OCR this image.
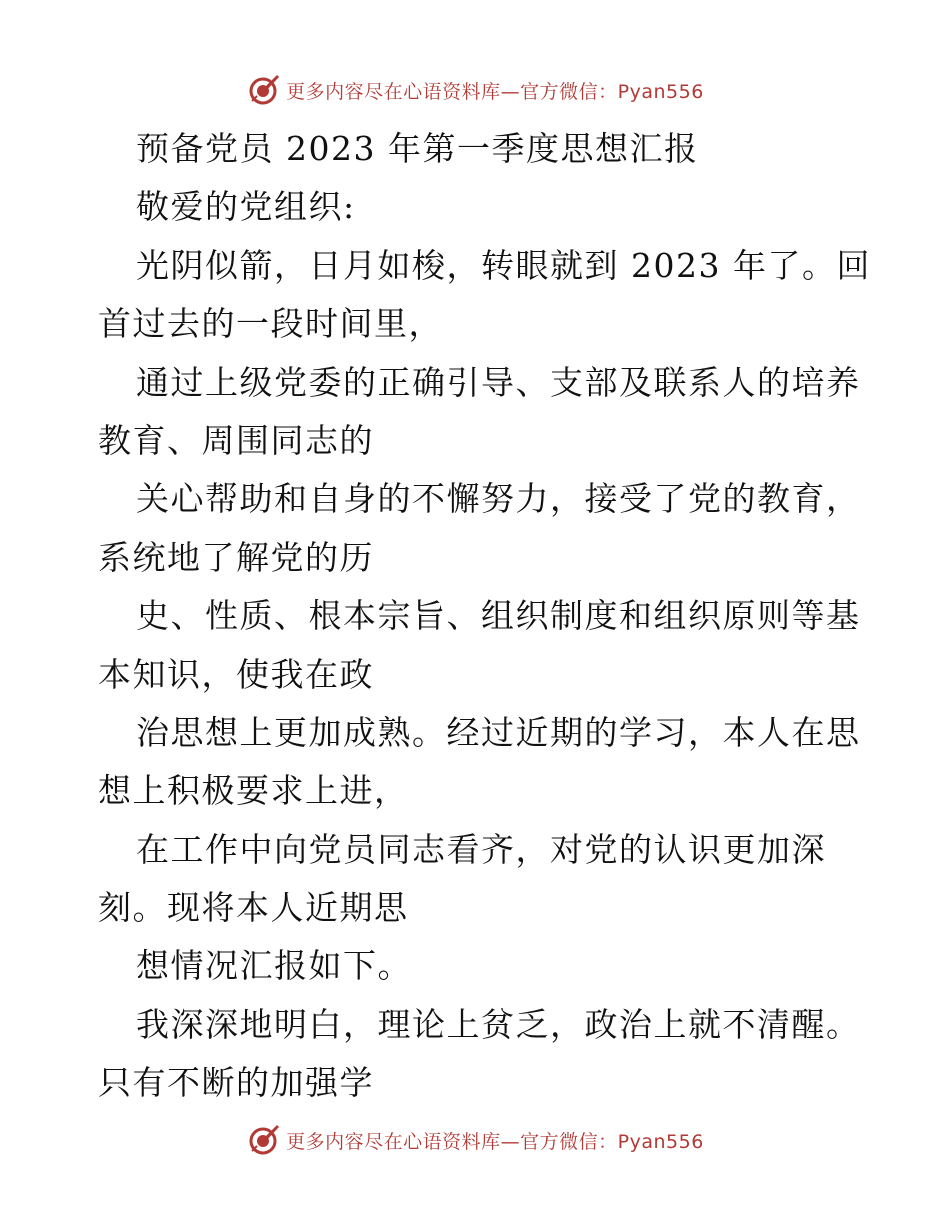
更多内容尽在心语资料库—官方微信：Pyan556
预备党员 2023 年第一季度思想汇报
敬爱的党组织:
光阴似箭，日月如梭，转眼就到 2023 年了。回
首过去的一段时间里，
通过上级党委的正确引导、支部及联系人的培养
教育、周围同志的
关心帮助和自身的不懈努力，接受了党的教育，
系统地了解党的历
史、性质、根本宗旨、组织制度和组织原则等基
本知识，使我在政
治思想上更加成熟。经过近期的学习，本人在思
想上积极要求上进，
在工作中向党员同志看齐，对党的认识更加深
刻。现将本人近期思
想情况汇报如下。
我深深地明白，理论上贫乏，政治上就不清醒。
只有不断的加强学
更多内容尽在心语资料库—官方微信：Pyan556
